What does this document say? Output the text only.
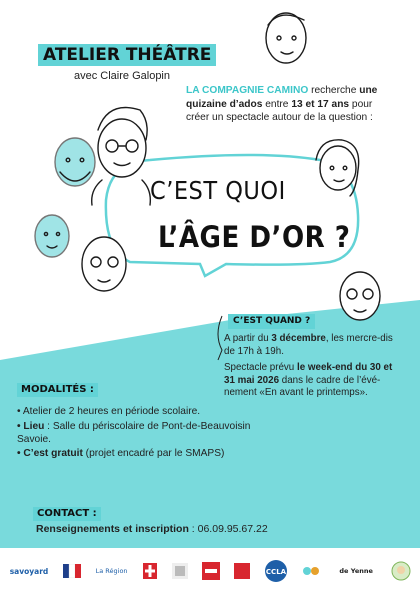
ATELIER THÉÂTRE
avec Claire Galopin
LA COMPAGNIE CAMINO recherche une quizaine d’ados entre 13 et 17 ans pour créer un spectacle autour de la question :
C’EST QUOI
L’ÂGE D’OR ?
C’EST QUAND ?

A partir du 3 décembre, les mercre-dis de 17h à 19h.

Spectacle prévu le week-end du 30 et 31 mai 2026 dans le cadre de l’évé-nement «En avant le printemps».

MODALITÉS :
• Atelier de 2 heures en période scolaire.
• Lieu : Salle du périscolaire de Pont-de-Beauvoisin Savoie.
• C’est gratuit (projet encadré par le SMAPS)
CONTACT :
Renseignements et inscription : 06.09.95.67.22
savoyard	La Région	CCLA	de Yenne
